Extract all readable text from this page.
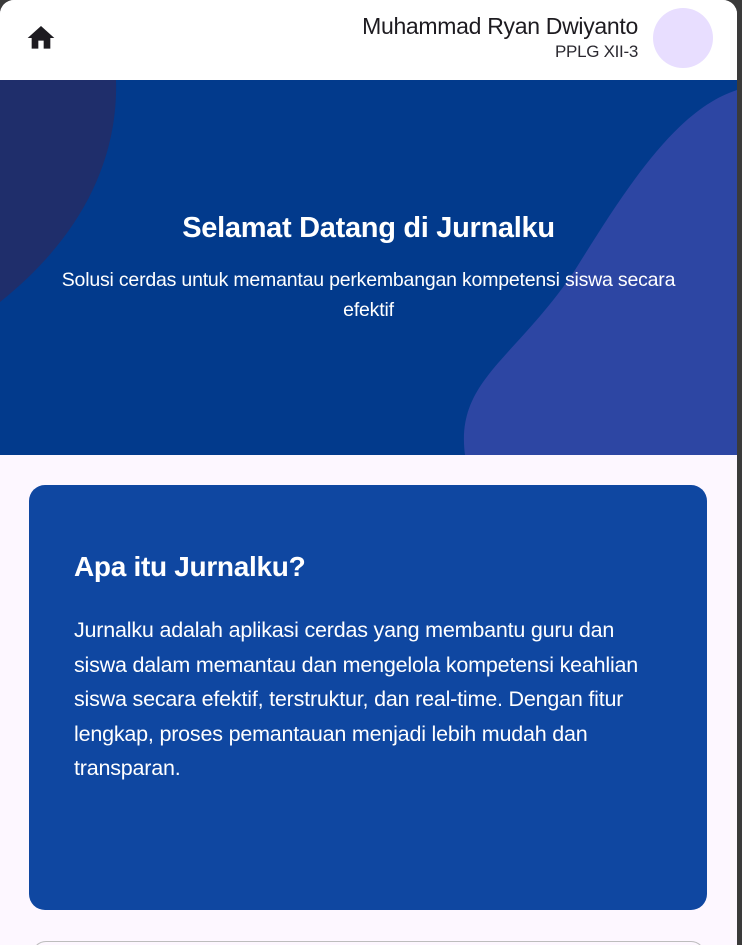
Muhammad Ryan Dwiyanto
PPLG XII-3
Selamat Datang di Jurnalku

Solusi cerdas untuk memantau perkembangan kompetensi siswa secara efektif

Apa itu Jurnalku?

Jurnalku adalah aplikasi cerdas yang membantu guru dan siswa dalam memantau dan mengelola kompetensi keahlian siswa secara efektif, terstruktur, dan real-time. Dengan fitur lengkap, proses pemantauan menjadi lebih mudah dan transparan.
